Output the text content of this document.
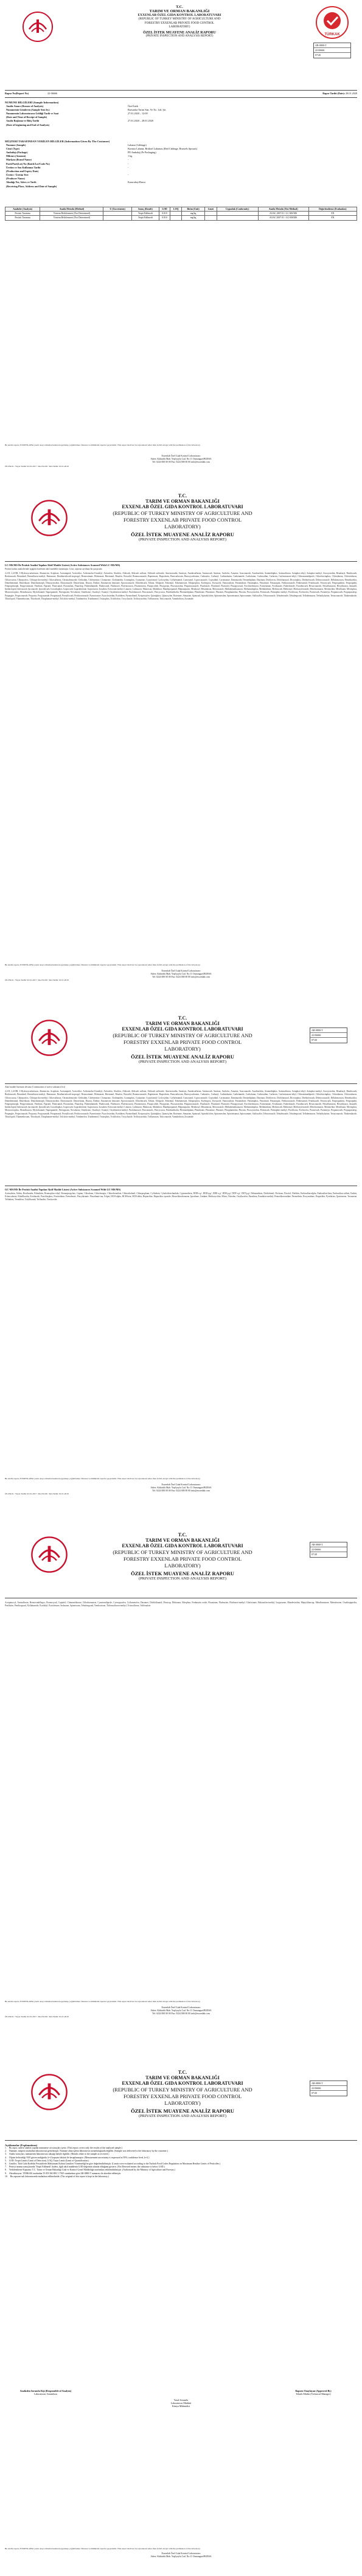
T.C.
TARIM VE ORMAN BAKANLIĞI
EXXENLAB ÖZEL GIDA KONTROL LABORATUVARI
(REPUBLIC OF TURKEY MINISTRY OF AGRICULTURE AND
FORESTRY EXXENLAB PRIVATE FOOD CONTROL
LABORATORY)
ÖZEL İSTEK MUAYENE ANALİZ RAPORU
(PRIVATE INSPECTION AND ANALYSIS REPORT)	TÜRKAK
AB-0800-T
22-06666
07/20
Rapor No(Report No)	22-06666	Rapor Tarihi (Date): 28.01.2020
NUMUNE BİLGİLERİ (Sample Information)
Analiz Amacı (Reason of Analysis)	Özel İstek
Numunenin Gönderen (Sample Sent by)	Bursanlar Tarım San. Ve Tic. Ltd. Şti.
Numunenin Laboratuvara Geldiği Tarih ve Saat	27.01.2020 – 12:00
(Date and Time of Receipt of Sample)	
Analiz Başlama ve Bitiş Tarihi	27.01.2020 – 28.01.2020
(Date of beginning and End of Analysis)	
MÜŞTERİ TARAFINDAN VERİLEN BİLGİLER (Information Given By The Customer)
Numune (Sample)	Lahana (Cabbage)
Cinsi (Type)	Kırmızı Lahana, Brüksel Lahanası (Red Cabbage, Brussels Sprouts)
Ambalajı (Package)	PE Ambalaj (Pe Packaging)
Miktarı (Amount)	1 kg
Markası (Brand Name)	-
Parti/Part(Lot) No (Batch/Lot/Code No)	-
Üretim ve Son Kullanma Tarihi	-
(Production and Expiry Date)	
Üretici / Üretim Yeri	-
(Producer Name)	
Alındığı Yer, Adres ve Tarih	Karacabey/Bursa
(Receiving Place, Address and Date of Sample)	
Analizler (Analysis)	Analiz Metodu (Method)	U (Uncertainty)	Sonuç (Result)	LOD	LOQ	Birim (Unit)	Limit	Uygunluk (Conformity)	Analiz Metodu (Test Method)	Değerlendirme (Evaluation)
Pestisit Taraması	Yöntem Belirlenmesi (Not Determined)		Tespit Edilmedi	0.010		mg/kg			AOAC 2007.01 / LC-MS/MS	EN
Pestisit Taraması	Yöntem Belirlenmesi (Not Determined)		Tespit Edilmedi	0.010		mg/kg			AOAC 2007.01 / GC-MS/MS	EN
Bu analiz raporu, EXXENLAB'ın yazılı onayı olmadan kısmen kopyalanıp çoğaltılamaz. İmzasız ve mühürsüz raporlar geçersizdir. This report shall not be reproduced other than in full except with the permission of the laboratory.
Exxenlab Özel Gıda Kontrol Laboratuvarı
Adres: Kükürtlü Mah. Yeşilyayla Cad. No:11 Osmangazi/BURSA
Tel: 0224 000 00 00 Fax: 0224 000 00 00 info@exxenlab.com
ÖS-FR-01 / Yayın Tarihi: 02.01.2017 / Rev.No:06 / Rev.Tarihi: 01.01.2019
T.C.
TARIM VE ORMAN BAKANLIĞI
EXXENLAB ÖZEL GIDA KONTROL LABORATUVARI
(REPUBLIC OF TURKEY MINISTRY OF AGRICULTURE AND
FORESTRY EXXENLAB PRIVATE FOOD CONTROL
LABORATORY)
ÖZEL İSTEK MUAYENE ANALİZ RAPORU
(PRIVATE INSPECTION AND ANALYSIS REPORT)
LC-MS/MS İle Pestisit Analizi Yapılan Aktif Madde Listesi (Active Substances Scanned With LC-MS/MS)
Pestisit kalıntı analizlerinde aşağıda listelenen aktif maddeler taranmıştır. Liste, raporun ayrılmaz bir parçasıdır.
2,4-D, 2,4-DB, 3-Hydroxycarbofuran, Abamectin, Acephate, Acetamiprid, Acetochlor, Acibenzolar-S-methyl, Aclonifen, Alachlor, Aldicarb, Aldicarb sulfone, Aldicarb sulfoxide, Ametoctradin, Ametryn, Amidosulfuron, Aminocarb, Amitraz, Anilofos, Atrazine, Azaconazole, Azadirachtin, Azamethiphos, Azimsulfuron, Azinphos-ethyl, Azinphos-methyl, Azoxystrobin, Benalaxyl, Bendiocarb, Benfuracarb, Benodanil, Bensulfuron-methyl, Bentazone, Benthiavalicarb-isopropyl, Benzoximate, Bifenazate, Bitertanol, Bixafen, Boscalid, Bromuconazole, Bupirimate, Buprofezin, Butocarboxim, Butoxycarboxim, Cadusafos, Carbaryl, Carbendazim, Carbetamide, Carbofuran, Carbosulfan, Carboxin, Carfentrazone-ethyl, Chlorantraniliprole, Chlorfenvinphos, Chloridazon, Chlorotoluron, Chloroxuron, Chlorpyrifos, Chlorpyrifos-methyl, Chlorsulfuron, Chromafenozide, Clethodim, Clofentezine, Clomazone, Clothianidin, Coumaphos, Cyanazine, Cyazofamid, Cycloxydim, Cyflufenamid, Cymoxanil, Cyproconazole, Cyprodinil, Cyromazine, Daminozide, Desmedipham, Diazinon, Dichlorvos, Diclobutrazol, Dicrotophos, Diethofencarb, Difenoconazole, Diflubenzuron, Dimethachlor, Dimethenamid, Dimethoate, Dimethomorph, Dimoxystrobin, Diniconazole, Dinotefuran, Diuron, Dodine, Emamectin benzoate, Epoxiconazole, Ethiofencarb, Ethion, Ethiprole, Ethirimol, Ethofumesate, Ethoprophos, Etofenprox, Etoxazole, Famoxadone, Fenamidone, Fenamiphos, Fenarimol, Fenazaquin, Fenbuconazole, Fenhexamid, Fenobucarb, Fenoxycarb, Fenpropathrin, Fenpropidin, Fenpropimorph, Fenpyroximate, Fenthion, Fipronil, Flonicamid, Florasulam, Fluazifop, Flubendiamide, Fludioxonil, Flufenacet, Flufenoxuron, Fluometuron, Fluopicolide, Fluopyram, Fluoxastrobin, Fluquinconazole, Flusilazole, Flutolanil, Flutriafol, Fluxapyroxad, Forchlorfenuron, Formetanate, Fosthiazate, Fuberidazole, Furathiocarb, Hexaconazole, Hexaflumuron, Hexythiazox, Imazalil, Imidacloprid, Indoxacarb, Ipconazole, Iprovalicarb, Isocarbophos, Isoprocarb, Isoprothiolane, Isoproturon, Isoxaben, Kresoxim-methyl, Linuron, Lufenuron, Malaoxon, Malathion, Mandipropamid, Mepanipyrim, Metalaxyl, Metamitron, Metconazole, Methabenzthiazuron, Methamidophos, Methidathion, Methiocarb, Methomyl, Methoxyfenozide, Metobromuron, Metolachlor, Metribuzin, Mevinphos, Monocrotophos, Monolinuron, Myclobutanil, Napropamide, Nitenpyram, Novaluron, Omethoate, Oxadixyl, Oxamyl, Oxydemeton-methyl, Paclobutrazol, Penconazole, Pencycuron, Pendimethalin, Phenmedipham, Phenthoate, Phosalone, Phosmet, Phosphamidon, Phoxim, Picoxystrobin, Pirimicarb, Pirimiphos-methyl, Prochloraz, Profenofos, Promecarb, Prometryn, Propamocarb, Propaquizafop, Propargite, Propiconazole, Propoxur, Propyzamide, Proquinazid, Prosulfocarb, Prothioconazole, Pymetrozine, Pyraclostrobin, Pyridaben, Pyrimethanil, Pyriproxyfen, Quinalphos, Quinoxyfen, Rotenone, Simazine, Spinosad, Spirodiclofen, Spiromesifen, Spirotetramat, Spiroxamine, Sulfoxaflor, Tebuconazole, Tebufenozide, Tebufenpyrad, Teflubenzuron, Terbuthylazine, Tetraconazole, Thiabendazole, Thiacloprid, Thiamethoxam, Thiodicarb, Thiophanate-methyl, Tolclofos-methyl, Triadimefon, Triadimenol, Triazophos, Trichlorfon, Tricyclazole, Trifloxystrobin, Triflumuron, Triticonazole, Vamidothion, Zoxamide
Bu analiz raporu, EXXENLAB'ın yazılı onayı olmadan kısmen kopyalanıp çoğaltılamaz. İmzasız ve mühürsüz raporlar geçersizdir. This report shall not be reproduced other than in full except with the permission of the laboratory.
Exxenlab Özel Gıda Kontrol Laboratuvarı
Adres: Kükürtlü Mah. Yeşilyayla Cad. No:11 Osmangazi/BURSA
Tel: 0224 000 00 00 Fax: 0224 000 00 00 info@exxenlab.com
ÖS-FR-01 / Yayın Tarihi: 02.01.2017 / Rev.No:06 / Rev.Tarihi: 01.01.2019
T.C.
TARIM VE ORMAN BAKANLIĞI
EXXENLAB ÖZEL GIDA KONTROL LABORATUVARI
(REPUBLIC OF TURKEY MINISTRY OF AGRICULTURE AND
FORESTRY EXXENLAB PRIVATE FOOD CONTROL
LABORATORY)
ÖZEL İSTEK MUAYENE ANALİZ RAPORU
(PRIVATE INSPECTION AND ANALYSIS REPORT)
AB-0800-T
22-06666
07/20
Aktif madde listesinin devamı (Continuation of active substance list)
2,4-D, 2,4-DB, 3-Hydroxycarbofuran, Abamectin, Acephate, Acetamiprid, Acetochlor, Acibenzolar-S-methyl, Aclonifen, Alachlor, Aldicarb, Aldicarb sulfone, Aldicarb sulfoxide, Ametoctradin, Ametryn, Amidosulfuron, Aminocarb, Amitraz, Anilofos, Atrazine, Azaconazole, Azadirachtin, Azamethiphos, Azimsulfuron, Azinphos-ethyl, Azinphos-methyl, Azoxystrobin, Benalaxyl, Bendiocarb, Benfuracarb, Benodanil, Bensulfuron-methyl, Bentazone, Benthiavalicarb-isopropyl, Benzoximate, Bifenazate, Bitertanol, Bixafen, Boscalid, Bromuconazole, Bupirimate, Buprofezin, Butocarboxim, Butoxycarboxim, Cadusafos, Carbaryl, Carbendazim, Carbetamide, Carbofuran, Carbosulfan, Carboxin, Carfentrazone-ethyl, Chlorantraniliprole, Chlorfenvinphos, Chloridazon, Chlorotoluron, Chloroxuron, Chlorpyrifos, Chlorpyrifos-methyl, Chlorsulfuron, Chromafenozide, Clethodim, Clofentezine, Clomazone, Clothianidin, Coumaphos, Cyanazine, Cyazofamid, Cycloxydim, Cyflufenamid, Cymoxanil, Cyproconazole, Cyprodinil, Cyromazine, Daminozide, Desmedipham, Diazinon, Dichlorvos, Diclobutrazol, Dicrotophos, Diethofencarb, Difenoconazole, Diflubenzuron, Dimethachlor, Dimethenamid, Dimethoate, Dimethomorph, Dimoxystrobin, Diniconazole, Dinotefuran, Diuron, Dodine, Emamectin benzoate, Epoxiconazole, Ethiofencarb, Ethion, Ethiprole, Ethirimol, Ethofumesate, Ethoprophos, Etofenprox, Etoxazole, Famoxadone, Fenamidone, Fenamiphos, Fenarimol, Fenazaquin, Fenbuconazole, Fenhexamid, Fenobucarb, Fenoxycarb, Fenpropathrin, Fenpropidin, Fenpropimorph, Fenpyroximate, Fenthion, Fipronil, Flonicamid, Florasulam, Fluazifop, Flubendiamide, Fludioxonil, Flufenacet, Flufenoxuron, Fluometuron, Fluopicolide, Fluopyram, Fluoxastrobin, Fluquinconazole, Flusilazole, Flutolanil, Flutriafol, Fluxapyroxad, Forchlorfenuron, Formetanate, Fosthiazate, Fuberidazole, Furathiocarb, Hexaconazole, Hexaflumuron, Hexythiazox, Imazalil, Imidacloprid, Indoxacarb, Ipconazole, Iprovalicarb, Isocarbophos, Isoprocarb, Isoprothiolane, Isoproturon, Isoxaben, Kresoxim-methyl, Linuron, Lufenuron, Malaoxon, Malathion, Mandipropamid, Mepanipyrim, Metalaxyl, Metamitron, Metconazole, Methabenzthiazuron, Methamidophos, Methidathion, Methiocarb, Methomyl, Methoxyfenozide, Metobromuron, Metolachlor, Metribuzin, Mevinphos, Monocrotophos, Monolinuron, Myclobutanil, Napropamide, Nitenpyram, Novaluron, Omethoate, Oxadixyl, Oxamyl, Oxydemeton-methyl, Paclobutrazol, Penconazole, Pencycuron, Pendimethalin, Phenmedipham, Phenthoate, Phosalone, Phosmet, Phosphamidon, Phoxim, Picoxystrobin, Pirimicarb, Pirimiphos-methyl, Prochloraz, Profenofos, Promecarb, Prometryn, Propamocarb, Propaquizafop, Propargite, Propiconazole, Propoxur, Propyzamide, Proquinazid, Prosulfocarb, Prothioconazole, Pymetrozine, Pyraclostrobin, Pyridaben, Pyrimethanil, Pyriproxyfen, Quinalphos, Quinoxyfen, Rotenone, Simazine, Spinosad, Spirodiclofen, Spiromesifen, Spirotetramat, Spiroxamine, Sulfoxaflor, Tebuconazole, Tebufenozide, Tebufenpyrad, Teflubenzuron, Terbuthylazine, Tetraconazole, Thiabendazole, Thiacloprid, Thiamethoxam, Thiodicarb, Thiophanate-methyl, Tolclofos-methyl, Triadimefon, Triadimenol, Triazophos, Trichlorfon, Tricyclazole, Trifloxystrobin, Triflumuron, Triticonazole, Vamidothion, Zoxamide
GC-MS/MS İle Pestisit Analizi Yapılan Aktif Madde Listesi (Active Substances Scanned With GC-MS/MS)
Acrinathrin, Aldrin, Benfluralin, Bifenthrin, Bromophos-ethyl, Bromopropylate, Captan, Chlordane, Chlorfenapyr, Chlorobenzilate, Chlorothalonil, Chlorpropham, Cyfluthrin, Cyhalothrin-lambda, Cypermethrin, DDD-o,p', DDD-p,p', DDE-o,p', DDE-p,p', DDT-o,p', DDT-p,p', Deltamethrin, Dichlobenil, Dicloran, Dicofol, Dieldrin, Endosulfan-alpha, Endosulfan-beta, Endosulfan sulfate, Endrin, Esfenvalerate, Ethalfluralin, Etridiazole, Fenchlorphos, Fenitrothion, Fenvalerate, Flucythrinate, Fluvalinate-tau, Folpet, HCH-alpha, HCH-beta, HCH-delta, Heptachlor, Heptachlor epoxide, Hexachlorobenzene, Iprodione, Lindane, Methoxychlor, Mirex, Nitrofen, Oxyfluorfen, Parathion, Parathion-methyl, Pentachloroaniline, Permethrin, Procymidone, Propachlor, Pyrethrins, Quintozene, Tecnazene, Tefluthrin, Tetradifon, Tolylfluanid, Trifluralin, Vinclozolin
Bu analiz raporu, EXXENLAB'ın yazılı onayı olmadan kısmen kopyalanıp çoğaltılamaz. İmzasız ve mühürsüz raporlar geçersizdir. This report shall not be reproduced other than in full except with the permission of the laboratory.
Exxenlab Özel Gıda Kontrol Laboratuvarı
Adres: Kükürtlü Mah. Yeşilyayla Cad. No:11 Osmangazi/BURSA
Tel: 0224 000 00 00 Fax: 0224 000 00 00 info@exxenlab.com
ÖS-FR-01 / Yayın Tarihi: 02.01.2017 / Rev.No:06 / Rev.Tarihi: 01.01.2019
T.C.
TARIM VE ORMAN BAKANLIĞI
EXXENLAB ÖZEL GIDA KONTROL LABORATUVARI
(REPUBLIC OF TURKEY MINISTRY OF AGRICULTURE AND
FORESTRY EXXENLAB PRIVATE FOOD CONTROL
LABORATORY)
ÖZEL İSTEK MUAYENE ANALİZ RAPORU
(PRIVATE INSPECTION AND ANALYSIS REPORT)
AB-0800-T
22-06666
07/20
Acequinocyl, Amisulbrom, Benzovindiflupyr, Bromoxynil, Captafol, Chinomethionat, Chlorbromuron, Cyantraniliprole, Cyenopyrafen, Cyflumetofen, Dazomet, Dichlofluanid, Dinocap, Dithianon, Ethephon, Fenbutatin oxide, Fluazinam, Flufenzine, Fluthiacet-methyl, Glufosinate, Halauxifen-methyl, Isopyrazam, Mandestrobin, Meptyldinocap, Metaflumizone, Metrafenone, Oxathiapiprolin, Penflufen, Penthiopyrad, Pyflubumide, Pyridalyl, Pyriofenone, Sedaxane, Spinetoram, Tebufenpyrad, Tembotrione, Thifensulfuron-methyl, Tritosulfuron, Valifenalate
Bu analiz raporu, EXXENLAB'ın yazılı onayı olmadan kısmen kopyalanıp çoğaltılamaz. İmzasız ve mühürsüz raporlar geçersizdir. This report shall not be reproduced other than in full except with the permission of the laboratory.
Exxenlab Özel Gıda Kontrol Laboratuvarı
Adres: Kükürtlü Mah. Yeşilyayla Cad. No:11 Osmangazi/BURSA
Tel: 0224 000 00 00 Fax: 0224 000 00 00 info@exxenlab.com
ÖS-FR-01 / Yayın Tarihi: 02.01.2017 / Rev.No:06 / Rev.Tarihi: 01.01.2019
T.C.
TARIM VE ORMAN BAKANLIĞI
EXXENLAB ÖZEL GIDA KONTROL LABORATUVARI
(REPUBLIC OF TURKEY MINISTRY OF AGRICULTURE AND
FORESTRY EXXENLAB PRIVATE FOOD CONTROL
LABORATORY)
ÖZEL İSTEK MUAYENE ANALİZ RAPORU
(PRIVATE INSPECTION AND ANALYSIS REPORT)
AB-0800-T
22-06666
07/20
Açıklamalar (Explanations)
1. Bu rapor, sadece analizi yapılan numuneye ait sonuçları içerir. (This report covers only the results of the analysed sample.)
2. Numune, müşteri tarafından laboratuvara getirilmiştir. Numune alma işlemi laboratuvar sorumluluğunda değildir. (Sample was delivered to the laboratory by the customer.)
3. Analiz sonuçları, numunenin laboratuvara ulaştığı haliyle ilgilidir. (Results relate to the sample as received.)
4. Ölçüm belirsizliği %95 güven aralığında, k=2 kapsam faktörü ile hesaplanmıştır. (Measurement uncertainty is expressed at 95% confidence level, k=2.)
5. LOD: Tespit Limiti (Limit of Detection), LOQ: Tayin Limiti (Limit of Quantification).
6. Limitler, Türk Gıda Kodeksi Pestisitlerin Maksimum Kalıntı Limitleri Yönetmeliği'ne göre değerlendirilmiştir. (Limits were evaluated according to the Turkish Food Codex Regulation on Maximum Residue Limits of Pesticides.)
7. Pestisit tarama sonuçlarında 'Tespit Edilmedi' ifadesi, ilgili aktif maddenin LOD değerinin altında olduğunu gösterir. (Not Detected means the substance is below LOD.)
8. Yetkilendirme Kapsamı: T.C. Tarım ve Orman Bakanlığı Gıda ve Kontrol Genel Müdürlüğü tarafından yetkilendirilmiştir. (Authorized by the Ministry of Agriculture and Forestry.)
9. Akreditasyon: TÜRKAK tarafından TS EN ISO/IEC 17025 standardına göre AB-0800-T numarası ile akredite edilmiştir.
10. Bu raporun aslı laboratuvarda muhafaza edilmektedir. (The original of this report is kept in the laboratory.)
Analizden Sorumlu Kişi (Responsible of Analysis)
Laboratuvar Sorumlusu
Yasal Sorumlu
Laboratuvar Müdürü
Kimya Mühendisi
Raporu Onaylayan (Approved By)
Teknik Müdür (Technical Manager)
Bu analiz raporu, EXXENLAB'ın yazılı onayı olmadan kısmen kopyalanıp çoğaltılamaz. İmzasız ve mühürsüz raporlar geçersizdir. This report shall not be reproduced other than in full except with the permission of the laboratory.
Exxenlab Özel Gıda Kontrol Laboratuvarı
Adres: Kükürtlü Mah. Yeşilyayla Cad. No:11 Osmangazi/BURSA
